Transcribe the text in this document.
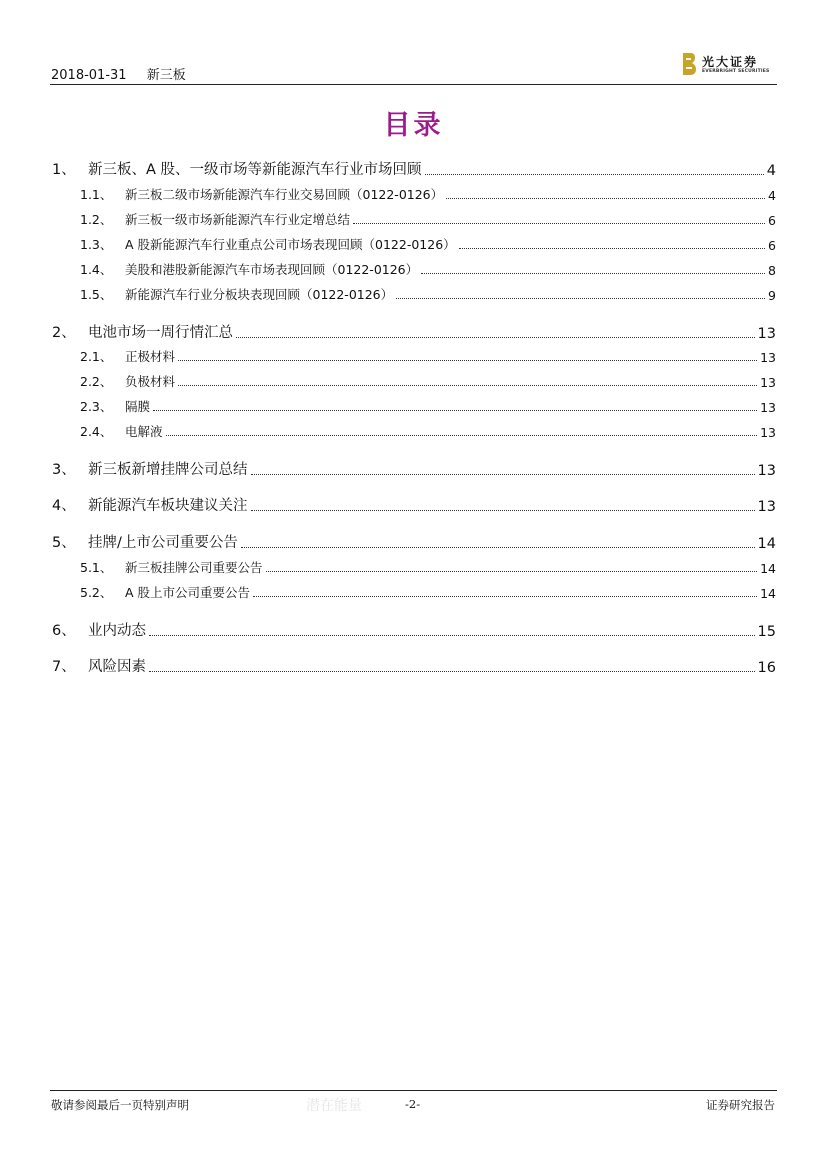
2018-01-31 新三板
光大证券
EVERBRIGHT SECURITIES
目录
1、 新三板、A 股、一级市场等新能源汽车行业市场回顾	4
1.1、	新三板二级市场新能源汽车行业交易回顾（0122-0126）	4
1.2、	新三板一级市场新能源汽车行业定增总结	6
1.3、	A 股新能源汽车行业重点公司市场表现回顾（0122-0126）	6
1.4、	美股和港股新能源汽车市场表现回顾（0122-0126）	8
1.5、	新能源汽车行业分板块表现回顾（0122-0126）	9
2、 电池市场一周行情汇总	13
2.1、	正极材料	13
2.2、	负极材料	13
2.3、	隔膜	13
2.4、	电解液	13
3、 新三板新增挂牌公司总结	13
4、 新能源汽车板块建议关注	13
5、 挂牌/上市公司重要公告	14
5.1、	新三板挂牌公司重要公告	14
5.2、	A 股上市公司重要公告	14
6、 业内动态	15
7、 风险因素	16
敬请参阅最后一页特别声明	潜在能量	-2-	证券研究报告
